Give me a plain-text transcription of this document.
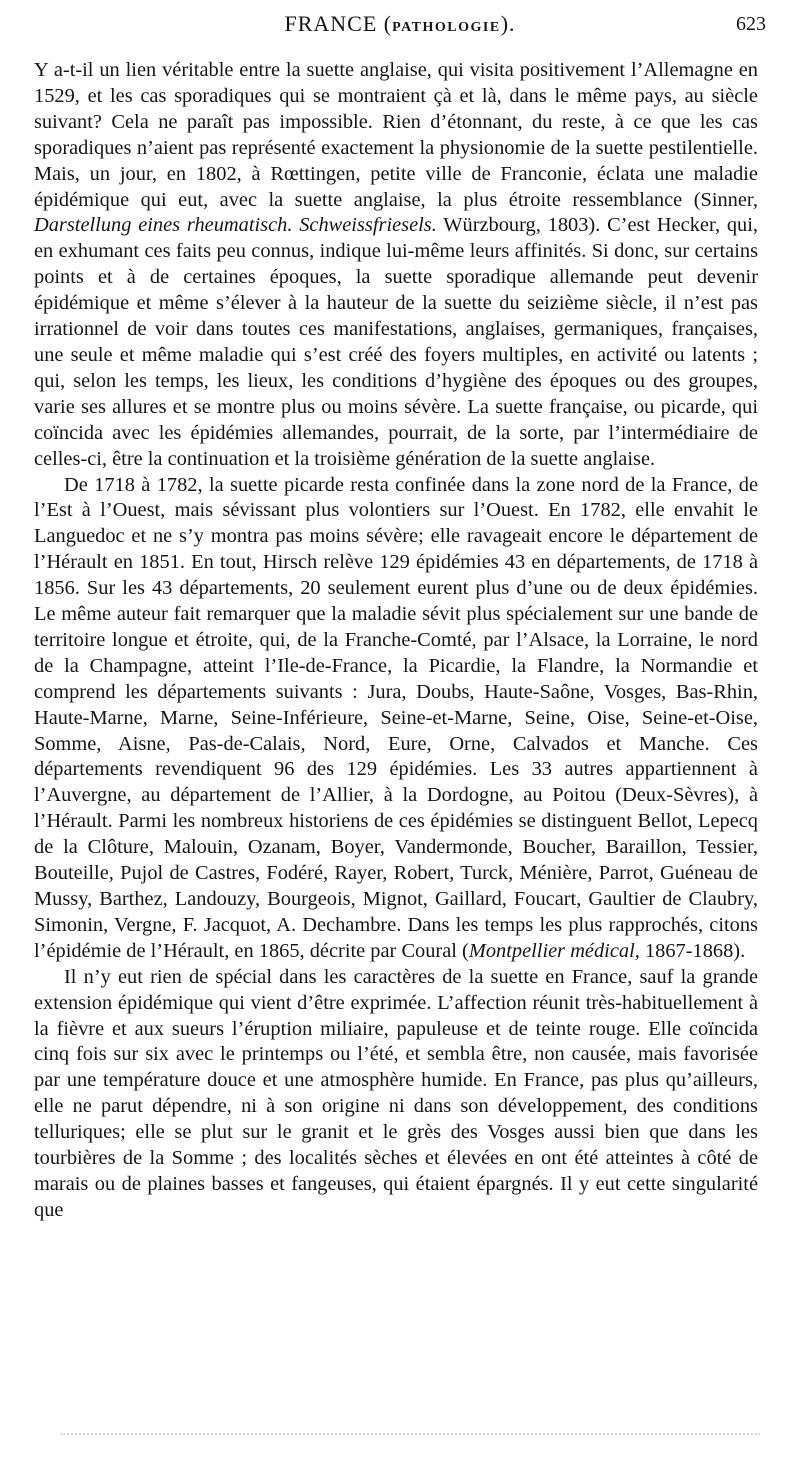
FRANCE (PATHOLOGIE).	623

Y a-t-il un lien véritable entre la suette anglaise, qui visita positivement l’Allemagne en 1529, et les cas sporadiques qui se montraient çà et là, dans le même pays, au siècle suivant? Cela ne paraît pas impossible. Rien d’étonnant, du reste, à ce que les cas sporadiques n’aient pas représenté exactement la physionomie de la suette pestilentielle. Mais, un jour, en 1802, à Rœttingen, petite ville de Franconie, éclata une maladie épidémique qui eut, avec la suette anglaise, la plus étroite ressemblance (Sinner, Darstellung eines rheumatisch. Schweissfriesels. Würzbourg, 1803). C’est Hecker, qui, en exhumant ces faits peu connus, indique lui-même leurs affinités. Si donc, sur certains points et à de certaines époques, la suette sporadique allemande peut devenir épidémique et même s’élever à la hauteur de la suette du seizième siècle, il n’est pas irrationnel de voir dans toutes ces manifestations, anglaises, germaniques, françaises, une seule et même maladie qui s’est créé des foyers multiples, en activité ou latents ; qui, selon les temps, les lieux, les conditions d’hygiène des époques ou des groupes, varie ses allures et se montre plus ou moins sévère. La suette française, ou picarde, qui coïncida avec les épidémies allemandes, pourrait, de la sorte, par l’intermédiaire de celles-ci, être la continuation et la troisième génération de la suette anglaise.

De 1718 à 1782, la suette picarde resta confinée dans la zone nord de la France, de l’Est à l’Ouest, mais sévissant plus volontiers sur l’Ouest. En 1782, elle envahit le Languedoc et ne s’y montra pas moins sévère; elle ravageait encore le département de l’Hérault en 1851. En tout, Hirsch relève 129 épidémies 43 en départements, de 1718 à 1856. Sur les 43 départements, 20 seulement eurent plus d’une ou de deux épidémies. Le même auteur fait remarquer que la maladie sévit plus spécialement sur une bande de territoire longue et étroite, qui, de la Franche-Comté, par l’Alsace, la Lorraine, le nord de la Champagne, atteint l’Ile-de-France, la Picardie, la Flandre, la Normandie et comprend les départements suivants : Jura, Doubs, Haute-Saône, Vosges, Bas-Rhin, Haute-Marne, Marne, Seine-Inférieure, Seine-et-Marne, Seine, Oise, Seine-et-Oise, Somme, Aisne, Pas-de-Calais, Nord, Eure, Orne, Calvados et Manche. Ces départements revendiquent 96 des 129 épidémies. Les 33 autres appartiennent à l’Auvergne, au département de l’Allier, à la Dordogne, au Poitou (Deux-Sèvres), à l’Hérault. Parmi les nombreux historiens de ces épidémies se distinguent Bellot, Lepecq de la Clôture, Malouin, Ozanam, Boyer, Vandermonde, Boucher, Baraillon, Tessier, Bouteille, Pujol de Castres, Fodéré, Rayer, Robert, Turck, Ménière, Parrot, Guéneau de Mussy, Barthez, Landouzy, Bourgeois, Mignot, Gaillard, Foucart, Gaultier de Claubry, Simonin, Vergne, F. Jacquot, A. Dechambre. Dans les temps les plus rapprochés, citons l’épidémie de l’Hérault, en 1865, décrite par Coural (Montpellier médical, 1867-1868).

Il n’y eut rien de spécial dans les caractères de la suette en France, sauf la grande extension épidémique qui vient d’être exprimée. L’affection réunit très-habituellement à la fièvre et aux sueurs l’éruption miliaire, papuleuse et de teinte rouge. Elle coïncida cinq fois sur six avec le printemps ou l’été, et sembla être, non causée, mais favorisée par une température douce et une atmosphère humide. En France, pas plus qu’ailleurs, elle ne parut dépendre, ni à son origine ni dans son développement, des conditions telluriques; elle se plut sur le granit et le grès des Vosges aussi bien que dans les tourbières de la Somme ; des localités sèches et élevées en ont été atteintes à côté de marais ou de plaines basses et fangeuses, qui étaient épargnés. Il y eut cette singularité que
